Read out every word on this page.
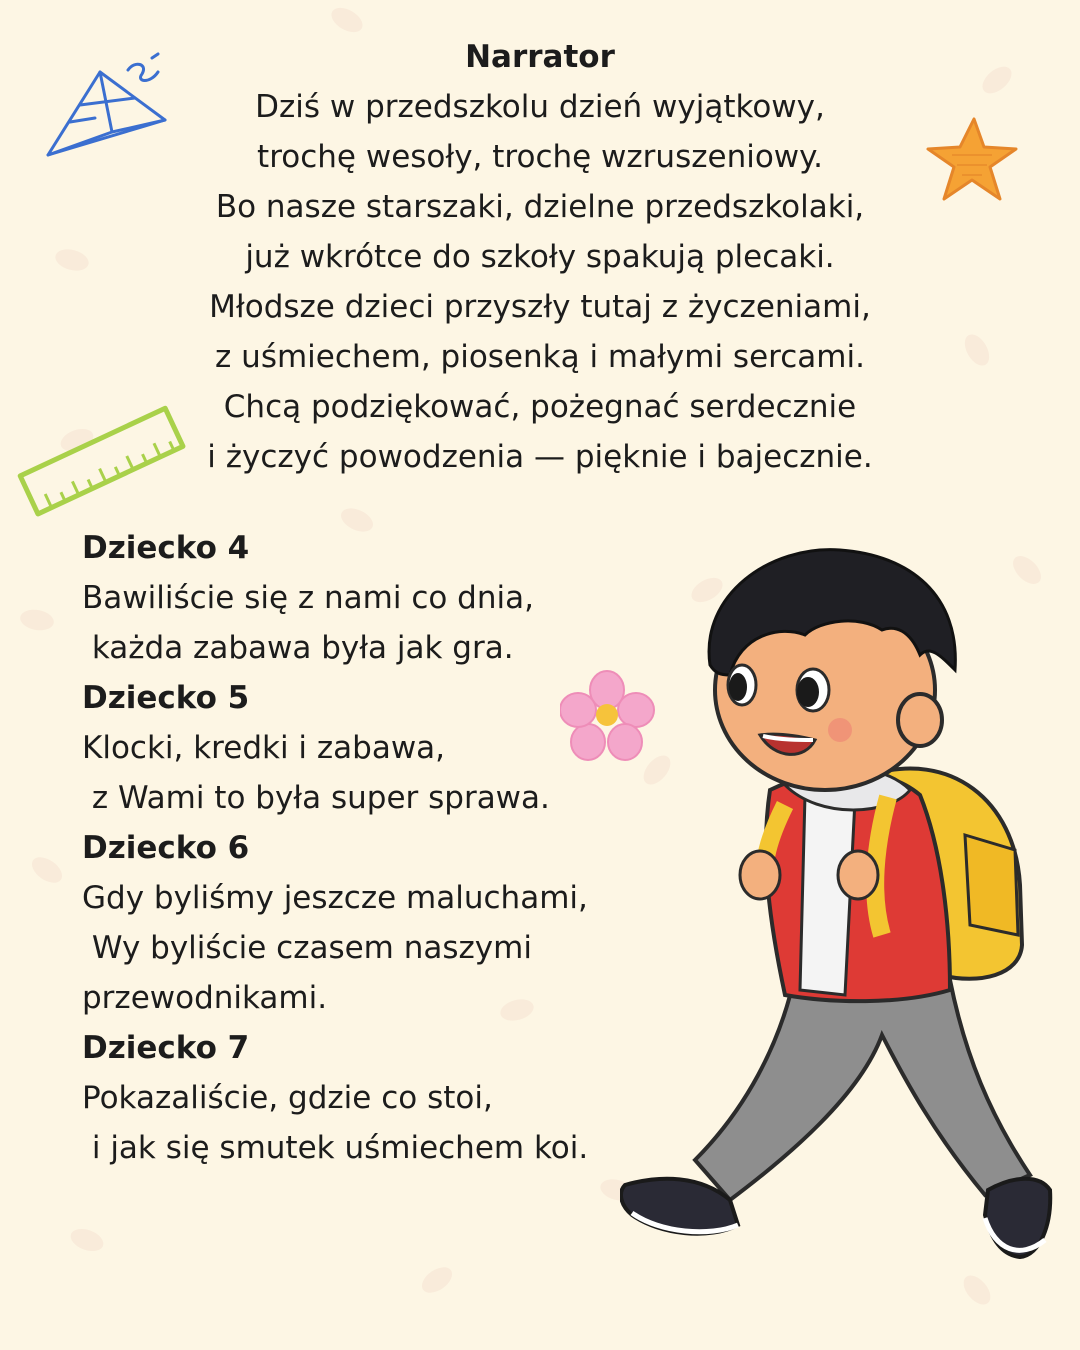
Narrator

Dziś w przedszkolu dzień wyjątkowy,

trochę wesoły, trochę wzruszeniowy.

Bo nasze starszaki, dzielne przedszkolaki,

już wkrótce do szkoły spakują plecaki.

Młodsze dzieci przyszły tutaj z życzeniami,

z uśmiechem, piosenką i małymi sercami.

Chcą podziękować, pożegnać serdecznie

i życzyć powodzenia — pięknie i bajecznie.

Dziecko 4

Bawiliście się z nami co dnia,

każda zabawa była jak gra.

Dziecko 5

Klocki, kredki i zabawa,

z Wami to była super sprawa.

Dziecko 6

Gdy byliśmy jeszcze maluchami,

Wy byliście czasem naszymi

przewodnikami.

Dziecko 7

Pokazaliście, gdzie co stoi,

i jak się smutek uśmiechem koi.
